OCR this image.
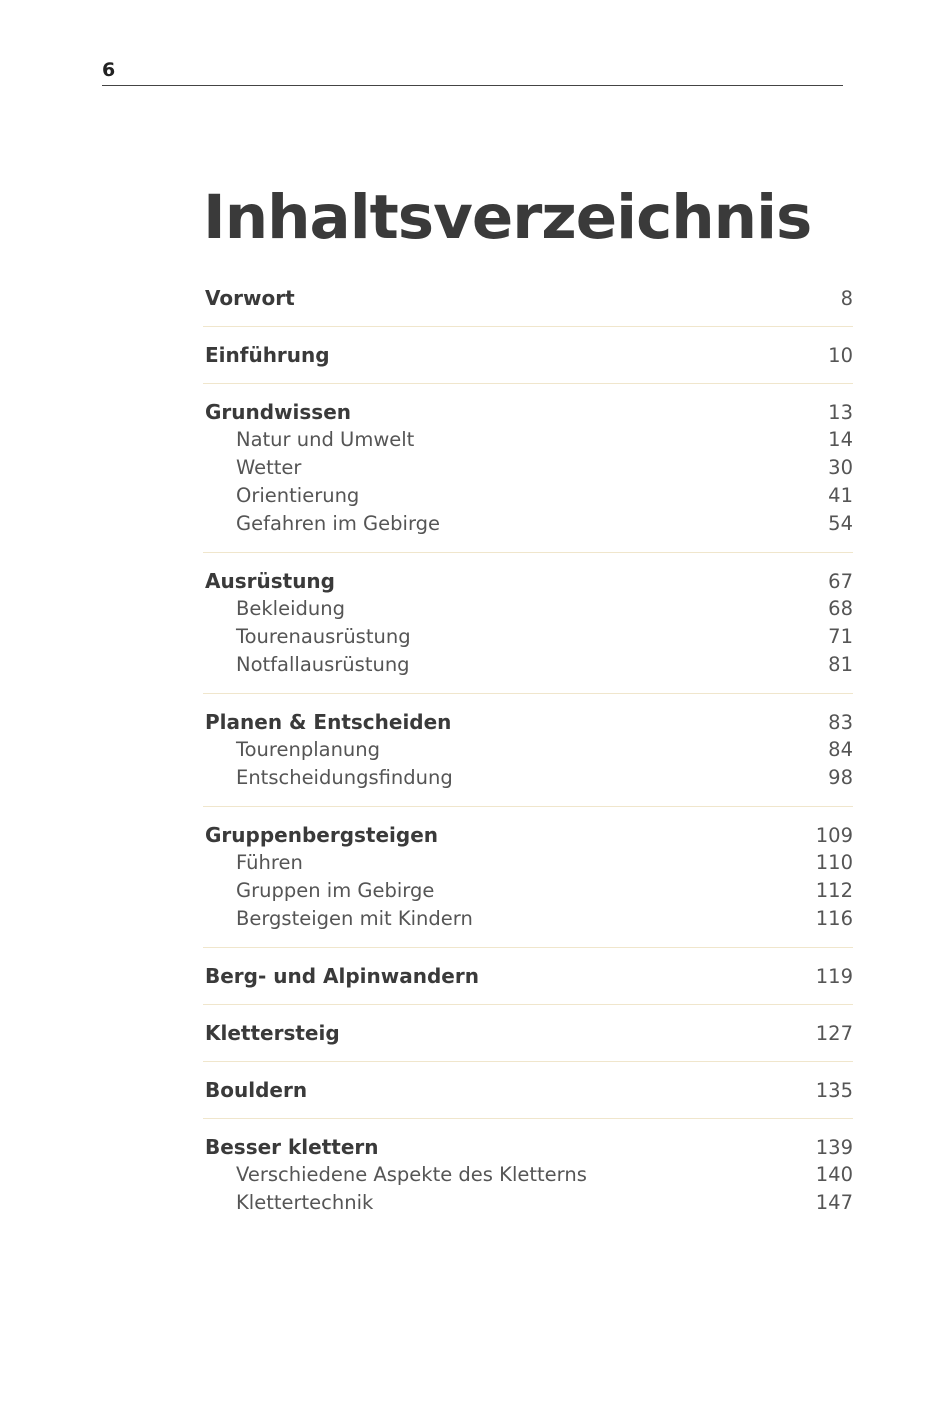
6
Inhaltsverzeichnis
Vorwort	8
Einführung	10
Grundwissen	13
Natur und Umwelt	14
Wetter	30
Orientierung	41
Gefahren im Gebirge	54
Ausrüstung	67
Bekleidung	68
Tourenausrüstung	71
Notfallausrüstung	81
Planen & Entscheiden	83
Tourenplanung	84
Entscheidungsfindung	98
Gruppenbergsteigen	109
Führen	110
Gruppen im Gebirge	112
Bergsteigen mit Kindern	116
Berg- und Alpinwandern	119
Klettersteig	127
Bouldern	135
Besser klettern	139
Verschiedene Aspekte des Kletterns	140
Klettertechnik	147
